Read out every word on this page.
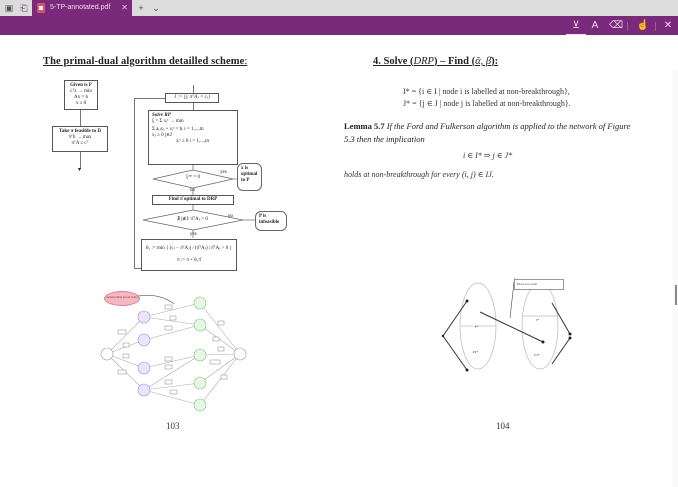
▣ ⎗	5-TP-annotated.pdf ✕	+ ⌄
⊻	A	⌫ ☝ ✕
The primal-dual algorithm detailled scheme:
Given is P
cᵀx → min
Ax = b
x ≥ 0
Take π feasible to D
πᵀb → max
πᵀA ≤ cᵀ
▾
J := {j; πᵀAⱼ = cⱼ}
Solve RP
ξ = Σ xᵢᵃ → min
Σ aᵢⱼxⱼ + xᵢᵃ = bᵢ i = 1,...,m
xⱼ ≥ 0 j∈J
xᵢᵃ ≥ 0 i = 1,...,m
ξᵒᵖᵗ = 0
yes
no
x is
optimal
to P
Find π̄ optimal to DRP
∄ j∉J: π̄ᵀAⱼ > 0
no
yes
P is
infeasible
θ₁ := min { (cⱼ − πᵀAⱼ) / (π̄ᵀAⱼ) | π̄ᵀAⱼ > 0 }
π := π + θ₁π̄
Annotation (note text)
103
4. Solve (DRP) – Find (ᾱ, β̄):
I* = {i ∈ I | node i is labelled at non-breakthrough},
J* = {j ∈ J | node j is labelled at non-breakthrough}.
Lemma 5.7 If the Ford and Fulkerson algorithm is applied to the network of Figure 5.3 then the implication
i ∈ I* ⇒ j ∈ J*
holds at non-breakthrough for every (i, j) ∈ IJ.
Does not exist
I*
I\I*
J*
J\J*
104
